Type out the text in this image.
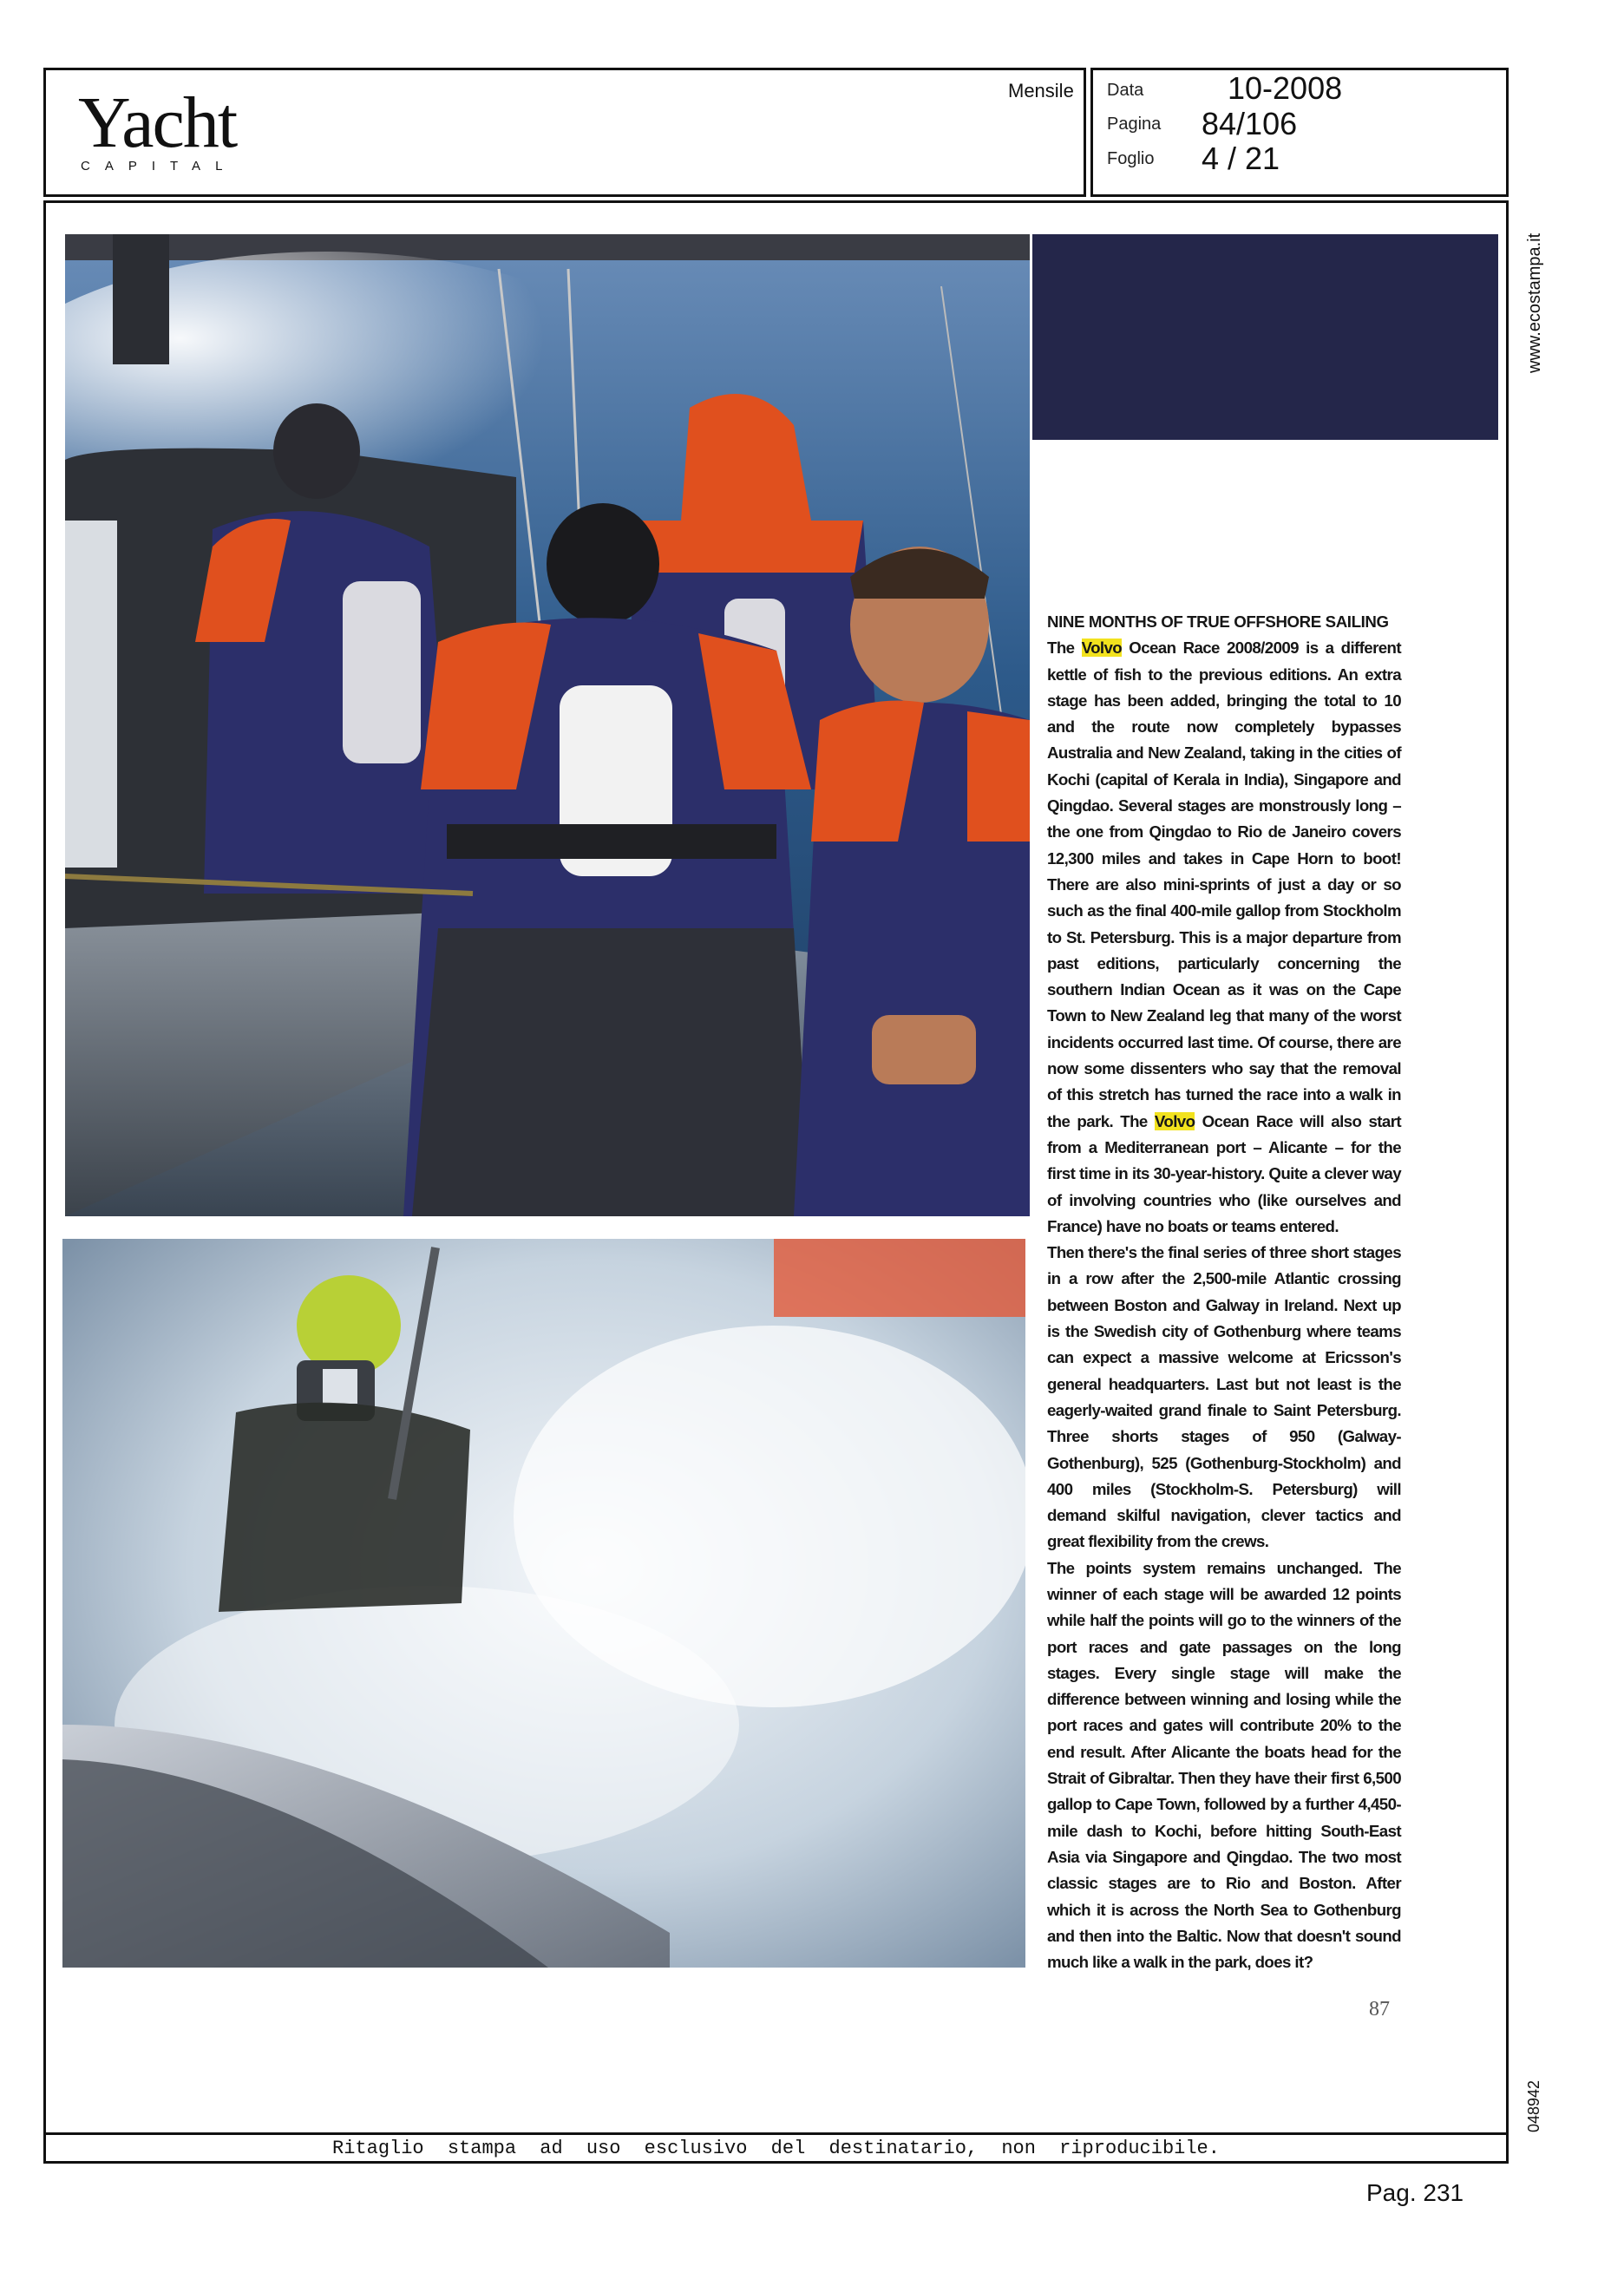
Yacht
CAPITAL
Mensile Data
Pagina
Foglio
10-2008
84/106
4 / 21
Ritaglio stampa ad uso esclusivo del destinatario, non riproducibile.
www.ecostampa.it
048942
Pag. 231
NINE MONTHS OF TRUE OFFSHORE SAILING

The Volvo Ocean Race 2008/2009 is a different kettle of fish to the previous editions. An extra stage has been added, bringing the total to 10 and the route now completely bypasses Australia and New Zealand, taking in the cities of Kochi (capital of Kerala in India), Singapore and Qingdao. Several stages are monstrously long – the one from Qingdao to Rio de Janeiro covers 12,300 miles and takes in Cape Horn to boot! There are also mini-sprints of just a day or so such as the final 400-mile gallop from Stockholm to St. Petersburg. This is a major departure from past editions, particularly concerning the southern Indian Ocean as it was on the Cape Town to New Zealand leg that many of the worst incidents occurred last time. Of course, there are now some dissenters who say that the removal of this stretch has turned the race into a walk in the park. The Volvo Ocean Race will also start from a Mediterranean port – Alicante – for the first time in its 30-year-history. Quite a clever way of involving countries who (like ourselves and France) have no boats or teams entered.

Then there's the final series of three short stages in a row after the 2,500-mile Atlantic crossing between Boston and Galway in Ireland. Next up is the Swedish city of Gothenburg where teams can expect a massive welcome at Ericsson's general headquarters. Last but not least is the eagerly-waited grand finale to Saint Petersburg. Three shorts stages of 950 (Galway-Gothenburg), 525 (Gothenburg-Stockholm) and 400 miles (Stockholm-S. Petersburg) will demand skilful navigation, clever tactics and great flexibility from the crews.

The points system remains unchanged. The winner of each stage will be awarded 12 points while half the points will go to the winners of the port races and gate passages on the long stages. Every single stage will make the difference between winning and losing while the port races and gates will contribute 20% to the end result. After Alicante the boats head for the Strait of Gibraltar. Then they have their first 6,500 gallop to Cape Town, followed by a further 4,450-mile dash to Kochi, before hitting South-East Asia via Singapore and Qingdao. The two most classic stages are to Rio and Boston. After which it is across the North Sea to Gothenburg and then into the Baltic. Now that doesn't sound much like a walk in the park, does it?

87
